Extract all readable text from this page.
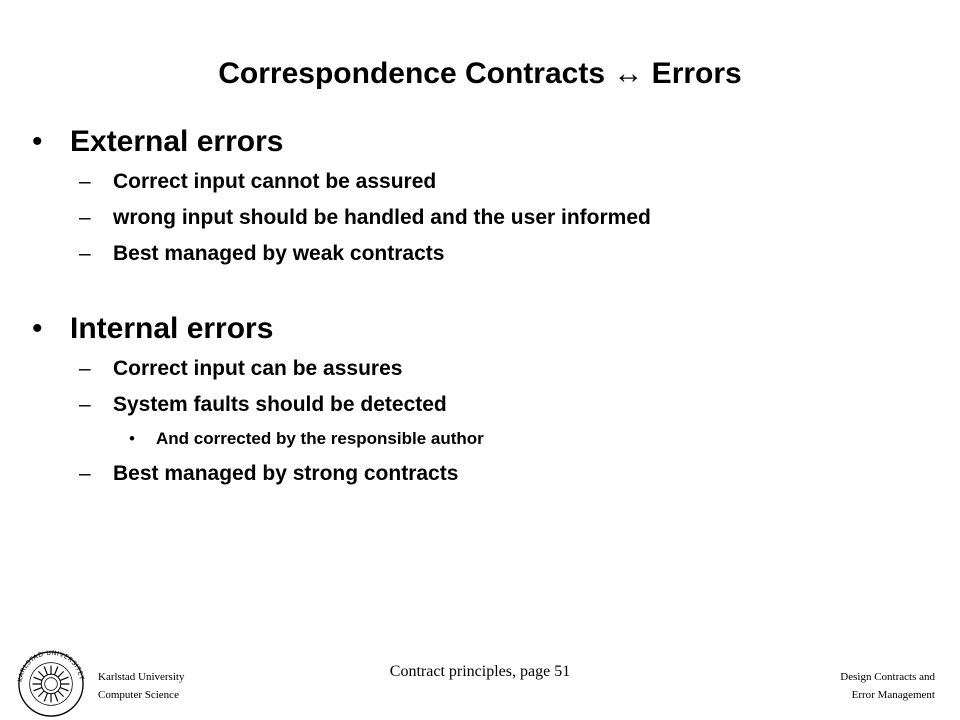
Correspondence Contracts ↔ Errors
• External errors
– Correct input cannot be assured
– wrong input should be handled and the user informed
– Best managed by weak contracts
• Internal errors
– Correct input can be assures
– System faults should be detected
• And corrected by the responsible author
– Best managed by strong contracts
KARLSTAD UNIVERSITET Karlstad University
Computer Science
Contract principles, page 51	Design Contracts and
Error Management
